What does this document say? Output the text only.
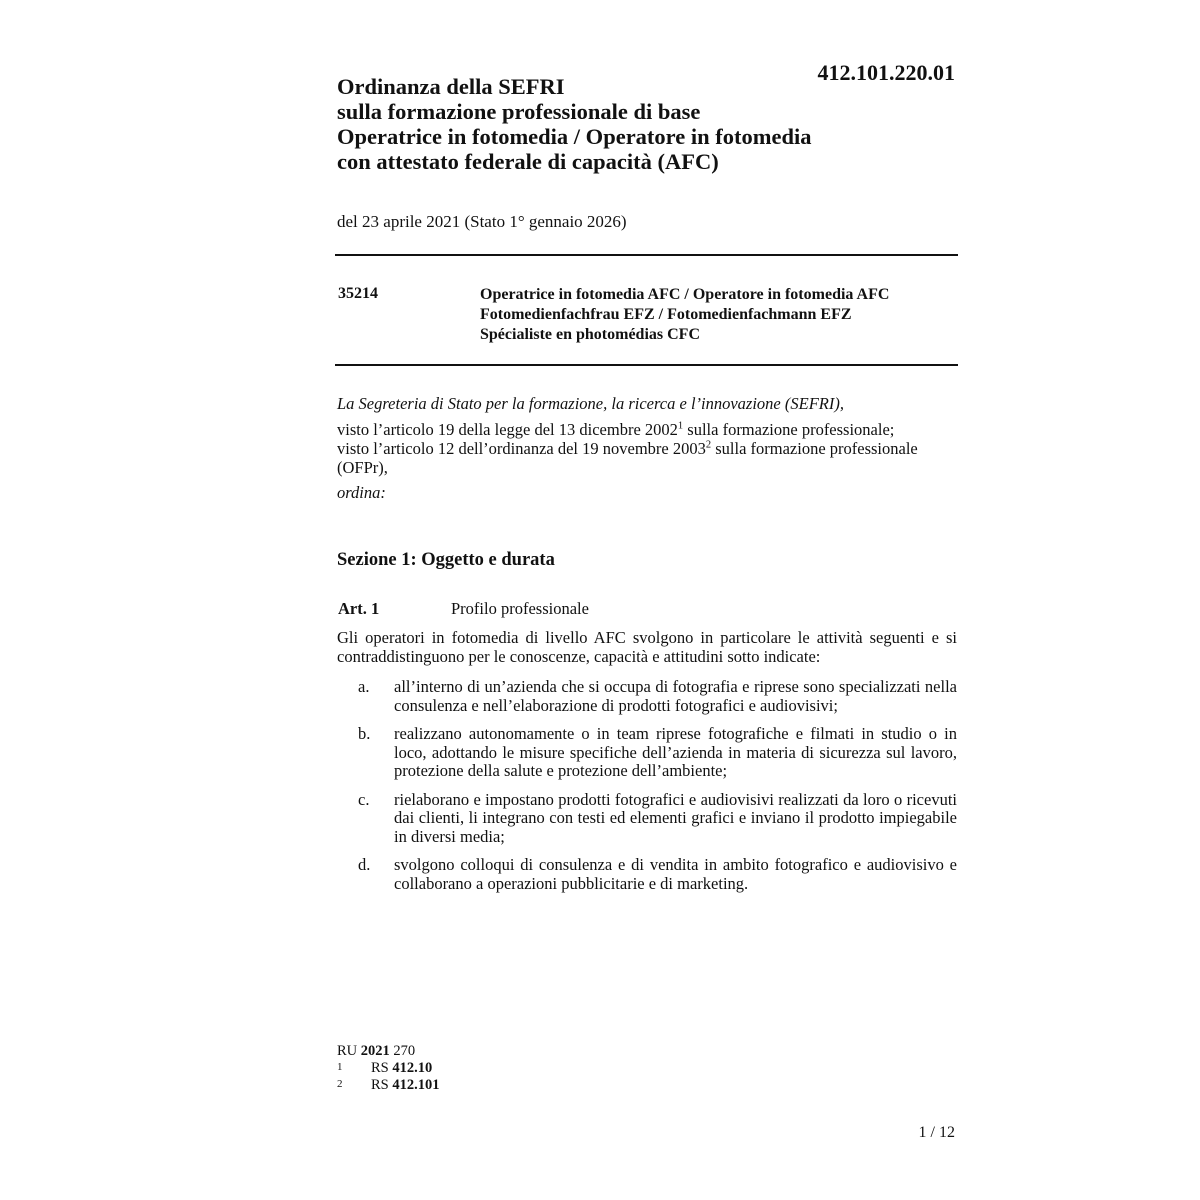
412.101.220.01
Ordinanza della SEFRI
sulla formazione professionale di base
Operatrice in fotomedia / Operatore in fotomedia
con attestato federale di capacità (AFC)
del 23 aprile 2021 (Stato 1° gennaio 2026)
35214	Operatrice in fotomedia AFC / Operatore in fotomedia AFC
Fotomedienfachfrau EFZ / Fotomedienfachmann EFZ
Spécialiste en photomédias CFC

La Segreteria di Stato per la formazione, la ricerca e l’innovazione (SEFRI),

visto l’articolo 19 della legge del 13 dicembre 2002$^1$ sulla formazione professionale;

visto l’articolo 12 dell’ordinanza del 19 novembre 2003$^2$ sulla formazione professionale (OFPr),

ordina:

Sezione 1: Oggetto e durata
Art. 1	Profilo professionale
Gli operatori in fotomedia di livello AFC svolgono in particolare le attività seguenti e si contraddistinguono per le conoscenze, capacità e attitudini sotto indicate:
a.	all’interno di un’azienda che si occupa di fotografia e riprese sono specializzati nella consulenza e nell’elaborazione di prodotti fotografici e audiovisivi;
b.	realizzano autonomamente o in team riprese fotografiche e filmati in studio o in loco, adottando le misure specifiche dell’azienda in materia di sicurezza sul lavoro, protezione della salute e protezione dell’ambiente;
c.	rielaborano e impostano prodotti fotografici e audiovisivi realizzati da loro o ricevuti dai clienti, li integrano con testi ed elementi grafici e inviano il prodotto impiegabile in diversi media;
d.	svolgono colloqui di consulenza e di vendita in ambito fotografico e audiovisivo e collaborano a operazioni pubblicitarie e di marketing.
RU 2021 270
1	RS 412.10
2	RS 412.101
1 / 12
